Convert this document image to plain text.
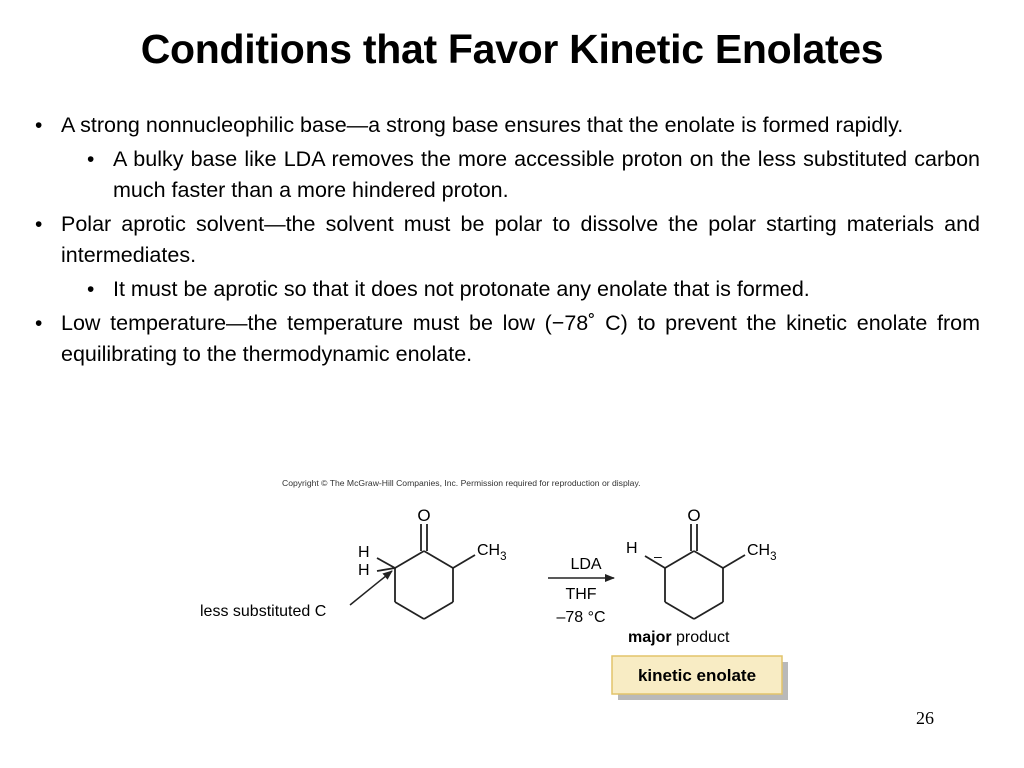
Conditions that Favor Kinetic Enolates
• A strong nonnucleophilic base—a strong base ensures that the enolate is formed rapidly.
• A bulky base like LDA removes the more accessible proton on the less substituted carbon much faster than a more hindered proton.
• Polar aprotic solvent—the solvent must be polar to dissolve the polar starting materials and intermediates.
• It must be aprotic so that it does not protonate any enolate that is formed.
• Low temperature—the temperature must be low (−78˚ C) to prevent the kinetic enolate from equilibrating to the thermodynamic enolate.
Copyright © The McGraw-Hill Companies, Inc. Permission required for reproduction or display.
O
$CH_3$
H
H
less substituted C
LDA
THF
–78 °C
O
$CH_3$
H –
major product
kinetic enolate
26
